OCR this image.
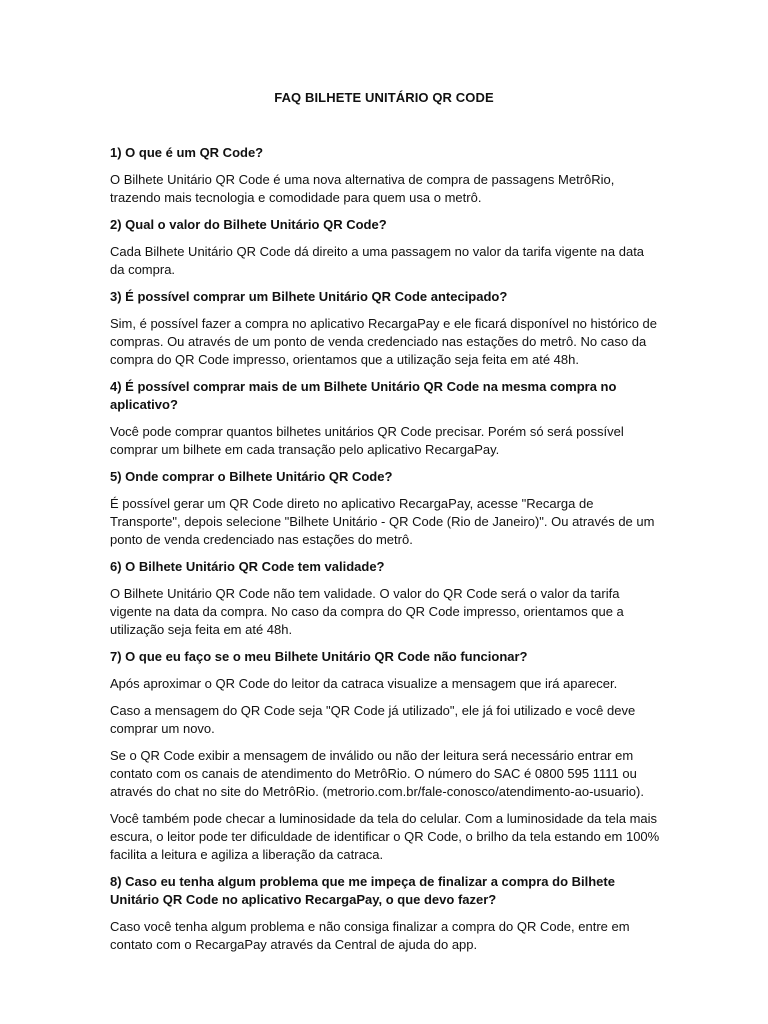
FAQ BILHETE UNITÁRIO QR CODE

1) O que é um QR Code?

O Bilhete Unitário QR Code é uma nova alternativa de compra de passagens MetrôRio, trazendo mais tecnologia e comodidade para quem usa o metrô.

2) Qual o valor do Bilhete Unitário QR Code?

Cada Bilhete Unitário QR Code dá direito a uma passagem no valor da tarifa vigente na data da compra.

3) É possível comprar um Bilhete Unitário QR Code antecipado?

Sim, é possível fazer a compra no aplicativo RecargaPay e ele ficará disponível no histórico de compras. Ou através de um ponto de venda credenciado nas estações do metrô. No caso da compra do QR Code impresso, orientamos que a utilização seja feita em até 48h.

4) É possível comprar mais de um Bilhete Unitário QR Code na mesma compra no aplicativo?

Você pode comprar quantos bilhetes unitários QR Code precisar. Porém só será possível comprar um bilhete em cada transação pelo aplicativo RecargaPay.

5) Onde comprar o Bilhete Unitário QR Code?

É possível gerar um QR Code direto no aplicativo RecargaPay, acesse "Recarga de Transporte", depois selecione "Bilhete Unitário - QR Code (Rio de Janeiro)". Ou através de um ponto de venda credenciado nas estações do metrô.

6) O Bilhete Unitário QR Code tem validade?

O Bilhete Unitário QR Code não tem validade. O valor do QR Code será o valor da tarifa vigente na data da compra. No caso da compra do QR Code impresso, orientamos que a utilização seja feita em até 48h.

7) O que eu faço se o meu Bilhete Unitário QR Code não funcionar?

Após aproximar o QR Code do leitor da catraca visualize a mensagem que irá aparecer.

Caso a mensagem do QR Code seja "QR Code já utilizado", ele já foi utilizado e você deve comprar um novo.

Se o QR Code exibir a mensagem de inválido ou não der leitura será necessário entrar em contato com os canais de atendimento do MetrôRio. O número do SAC é 0800 595 1111 ou através do chat no site do MetrôRio. (metrorio.com.br/fale-conosco/atendimento-ao-usuario).

Você também pode checar a luminosidade da tela do celular. Com a luminosidade da tela mais escura, o leitor pode ter dificuldade de identificar o QR Code, o brilho da tela estando em 100% facilita a leitura e agiliza a liberação da catraca.

8) Caso eu tenha algum problema que me impeça de finalizar a compra do Bilhete Unitário QR Code no aplicativo RecargaPay, o que devo fazer?

Caso você tenha algum problema e não consiga finalizar a compra do QR Code, entre em contato com o RecargaPay através da Central de ajuda do app.
